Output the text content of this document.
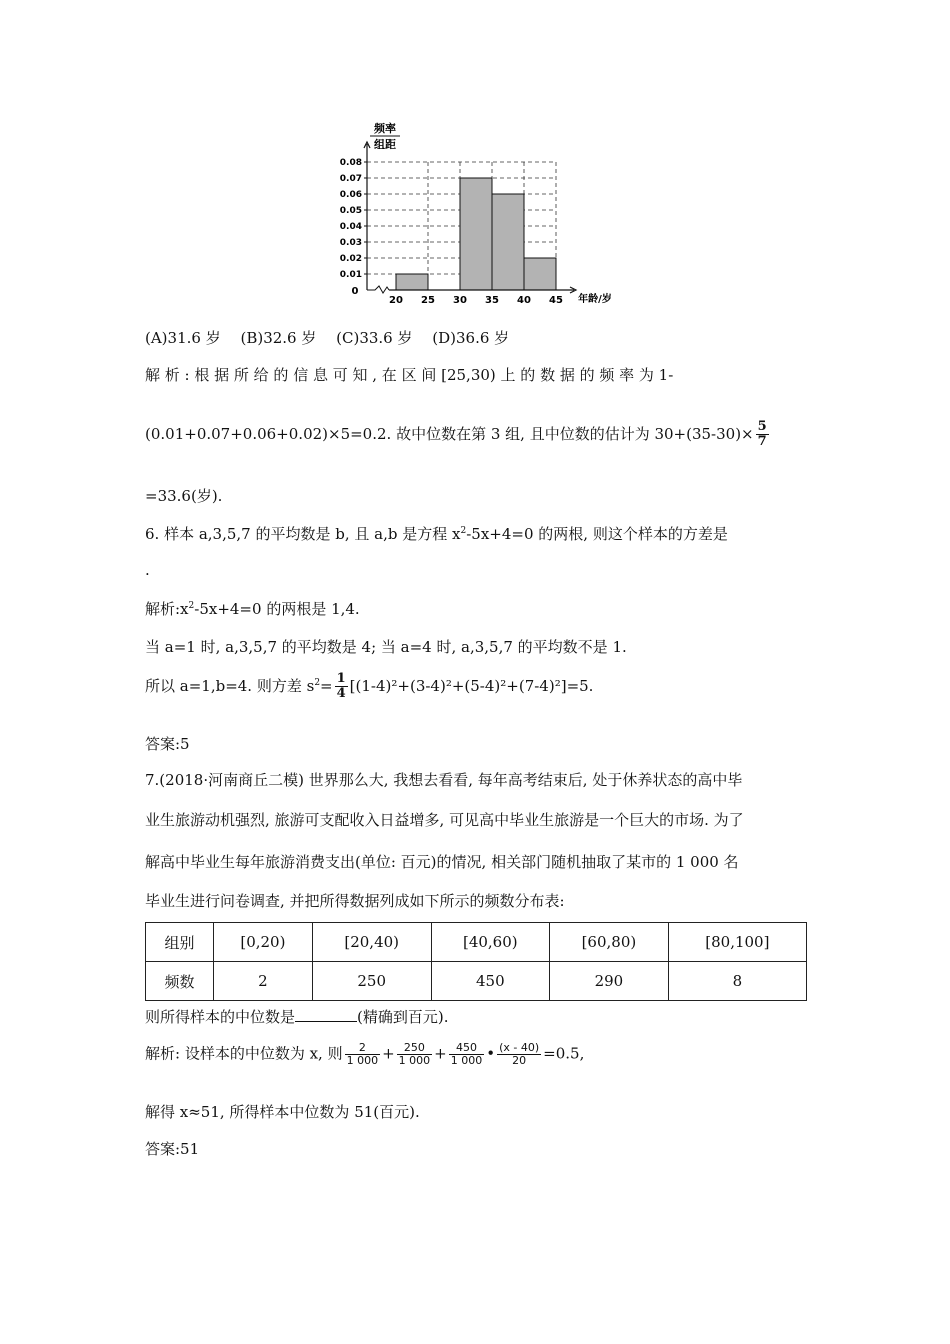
频率
组距
0.01
0.02
0.03
0.04
0.05
0.06
0.07
0.08
20 25 30 35 40 45
0
年龄/岁
(A)31.6 岁　 (B)32.6 岁　 (C)33.6 岁　 (D)36.6 岁
解 析 : 根 据 所 给 的 信 息 可 知 , 在 区 间 [25,30) 上 的 数 据 的 频 率 为 1-
(0.01+0.07+0.06+0.02)×5=0.2. 故中位数在第 3 组, 且中位数的估计为 $30+(35-30)\times \frac{5}{7}$
=33.6(岁).
6. 样本 a,3,5,7 的平均数是 b, 且 a,b 是方程 $x^2-5x+4=0$ 的两根, 则这个样本的方差是
.
解析$:x^2-5x+4=0$ 的两根是 1,4.
当 a=1 时, a,3,5,7 的平均数是 4; 当 a=4 时, a,3,5,7 的平均数不是 1.
所以 a=1,b=4. 则方差 $s^2= \frac{1}{4} [(1-4)^2+(3-4)^2+(5-4)^2+(7-4)^2]=5$.
答案:5
7.(2018·河南商丘二模) 世界那么大, 我想去看看, 每年高考结束后, 处于休养状态的高中毕
业生旅游动机强烈, 旅游可支配收入日益增多, 可见高中毕业生旅游是一个巨大的市场. 为了
解高中毕业生每年旅游消费支出(单位: 百元)的情况, 相关部门随机抽取了某市的 1 000 名
毕业生进行问卷调查, 并把所得数据列成如下所示的频数分布表:
组别	[0,20)	[20,40)	[40,60)	[60,80)	[80,100]
频数	2	250	450	290	8
则所得样本的中位数是	(精确到百元).
解析: 设样本的中位数为 x, 则 $\frac{2}{1 000} + \frac{250}{1 000} + \frac{450}{1 000}$ • $\frac{(x - 40)}{20} =0.5$,
解得 x≈51, 所得样本中位数为 51(百元).
答案:51
